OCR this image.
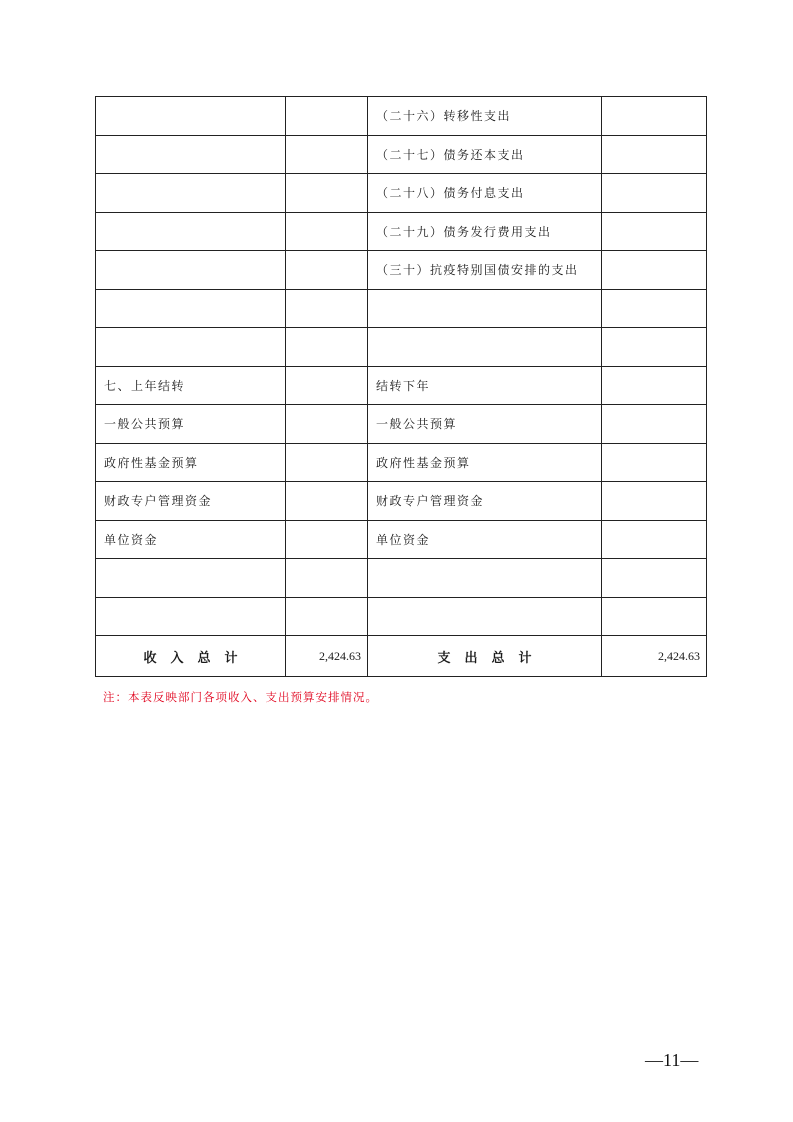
		（二十六）转移性支出	
		（二十七）债务还本支出	
		（二十八）债务付息支出	
		（二十九）债务发行费用支出	
		（三十）抗疫特别国债安排的支出	

七、上年结转		结转下年	
一般公共预算		一般公共预算	
政府性基金预算		政府性基金预算	
财政专户管理资金		财政专户管理资金	
单位资金		单位资金	

收入总计	2,424.63	支出总计	2,424.63
注：本表反映部门各项收入、支出预算安排情况。
—11—
